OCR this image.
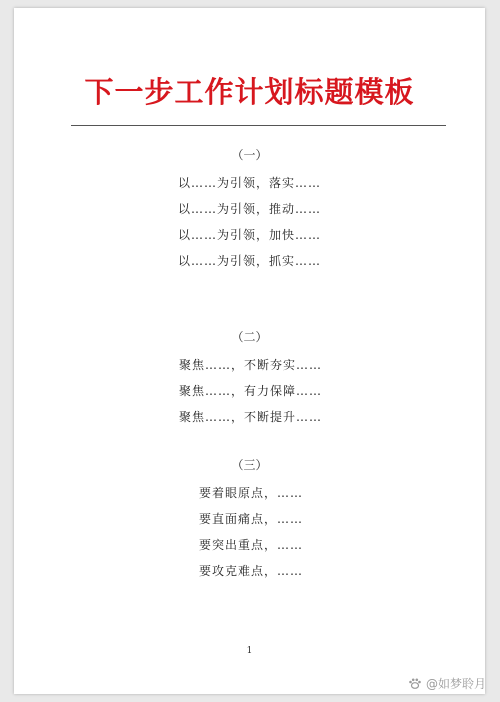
下一步工作计划标题模板
（一）
以……为引领，落实……
以……为引领，推动……
以……为引领，加快……
以……为引领，抓实……
（二）
聚焦……，不断夯实……
聚焦……，有力保障……
聚焦……，不断提升……
（三）
要着眼原点，……
要直面痛点，……
要突出重点，……
要攻克难点，……
1
@如梦聆月
